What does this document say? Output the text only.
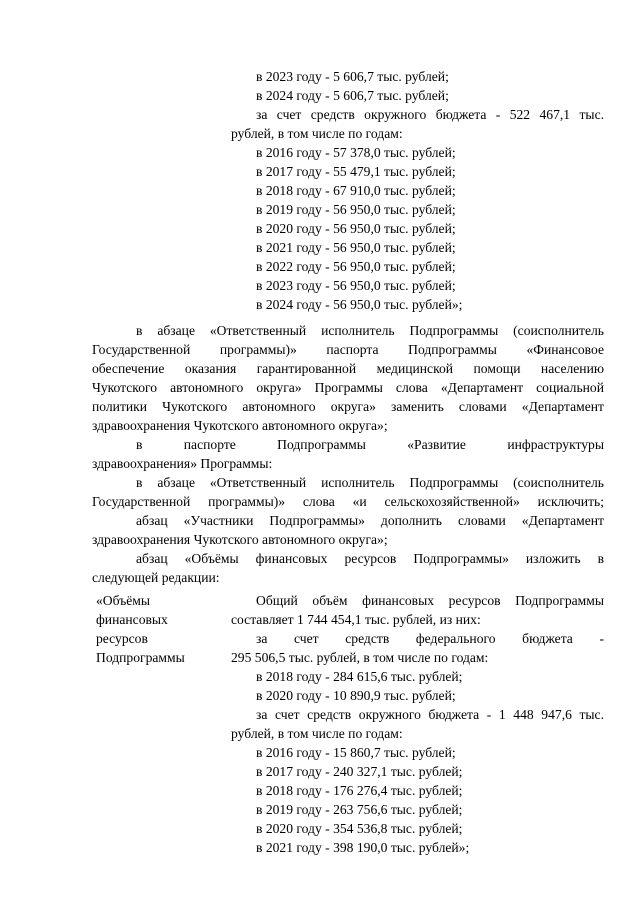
в 2023 году - 5 606,7 тыс. рублей;
в 2024 году - 5 606,7 тыс. рублей;
за счет средств окружного бюджета - 522 467,1 тыс.
рублей, в том числе по годам:
в 2016 году - 57 378,0 тыс. рублей;
в 2017 году - 55 479,1 тыс. рублей;
в 2018 году - 67 910,0 тыс. рублей;
в 2019 году - 56 950,0 тыс. рублей;
в 2020 году - 56 950,0 тыс. рублей;
в 2021 году - 56 950,0 тыс. рублей;
в 2022 году - 56 950,0 тыс. рублей;
в 2023 году - 56 950,0 тыс. рублей;
в 2024 году - 56 950,0 тыс. рублей»;
в абзаце «Ответственный исполнитель Подпрограммы (соисполнитель
Государственной программы)» паспорта Подпрограммы «Финансовое
обеспечение оказания гарантированной медицинской помощи населению
Чукотского автономного округа» Программы слова «Департамент социальной
политики Чукотского автономного округа» заменить словами «Департамент
здравоохранения Чукотского автономного округа»;
в паспорте Подпрограммы «Развитие инфраструктуры
здравоохранения» Программы:
в абзаце «Ответственный исполнитель Подпрограммы (соисполнитель
Государственной программы)» слова «и сельскохозяйственной» исключить;
абзац «Участники Подпрограммы» дополнить словами «Департамент
здравоохранения Чукотского автономного округа»;
абзац «Объёмы финансовых ресурсов Подпрограммы» изложить в
следующей редакции:
«Объёмы
финансовых
ресурсов
Подпрограммы
Общий объём финансовых ресурсов Подпрограммы
составляет 1 744 454,1 тыс. рублей, из них:
за счет средств федерального бюджета -
295 506,5 тыс. рублей, в том числе по годам:
в 2018 году - 284 615,6 тыс. рублей;
в 2020 году - 10 890,9 тыс. рублей;
за счет средств окружного бюджета - 1 448 947,6 тыс.
рублей, в том числе по годам:
в 2016 году - 15 860,7 тыс. рублей;
в 2017 году - 240 327,1 тыс. рублей;
в 2018 году - 176 276,4 тыс. рублей;
в 2019 году - 263 756,6 тыс. рублей;
в 2020 году - 354 536,8 тыс. рублей;
в 2021 году - 398 190,0 тыс. рублей»;
